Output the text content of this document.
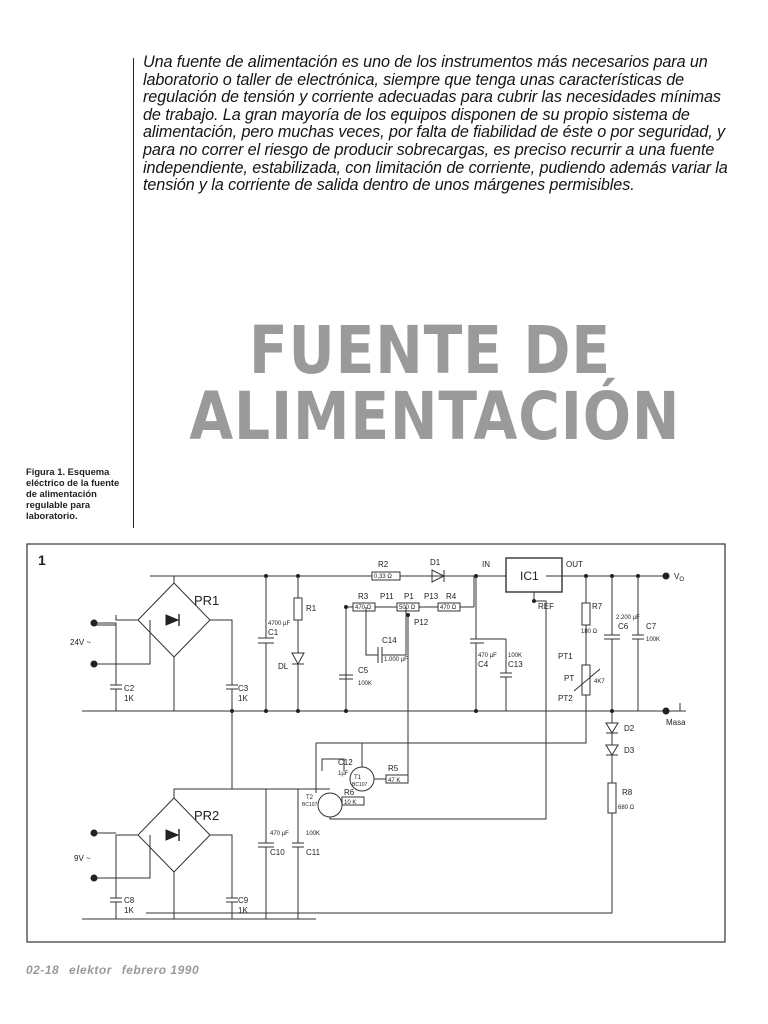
Una fuente de alimentación es uno de los instrumentos más necesarios para un laboratorio o taller de electrónica, siempre que tenga unas características de regulación de tensión y corriente adecuadas para cubrir las necesidades mínimas de trabajo. La gran mayoría de los equipos disponen de su propio sistema de alimentación, pero muchas veces, por falta de fiabilidad de éste o por seguridad, y para no correr el riesgo de producir sobrecargas, es preciso recurrir a una fuente independiente, estabilizada, con limitación de corriente, pudiendo además variar la tensión y la corriente de salida dentro de unos márgenes permisibles.

FUENTE DE
ALIMENTACIÓN

Figura 1. Esquema eléctrico de la fuente de alimentación regulable para laboratorio.

1
PR1
PR2
IC1
IN	OUT
REF
$V_O$
Masa
24V ~
9V ~
R1
R2
0,33 Ω
R3
470 Ω
P11 P1
500 Ω
P13 R4
470 Ω
P12
D1
DL
C1
4700 µF
C2
1K
C3
1K
C4
470 µF
C5
100K
C6
2.200 µF
C7
100K
C8
1K
C9
1K
C10
470 µF
C11
100K
C12
1µF
C13
100K
C14
1.000 µF
R5
47 K
R6
10 K
R7
180 Ω
R8
680 Ω
D2
D3
T1
BC107
T2
BC107
PT	4K7
PT1
PT2
02-18 elektor febrero 1990
